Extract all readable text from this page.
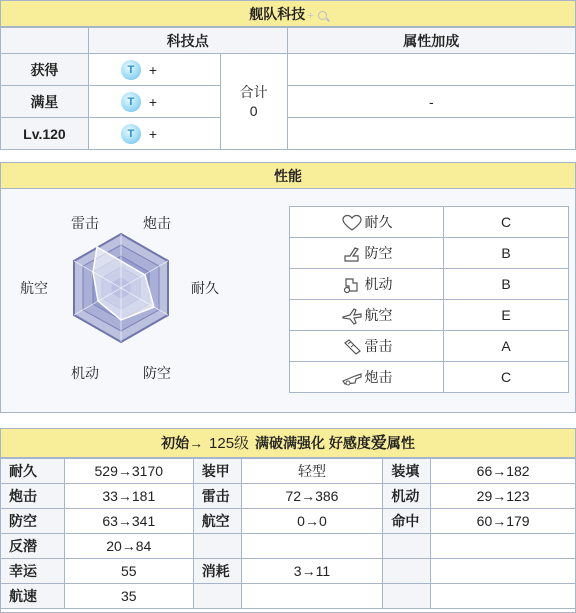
舰队科技 +
	科技点		属性加成
获得	T +	合计
0	

满星	T +		-
Lv.120	T +		
性能
雷击	炮击
耐久
防空
机动
航空
耐久	C
防空	B
机动	B
航空	E
雷击	A
炮击	C
初始→ 125级 满破满强化 好感度爱属性
耐久	529→3170	装甲	轻型	装填	66→182
炮击	33→181	雷击	72→386	机动	29→123
防空	63→341	航空	0→0	命中	60→179
反潜	20→84				
幸运	55	消耗	3→11		
航速	35				
